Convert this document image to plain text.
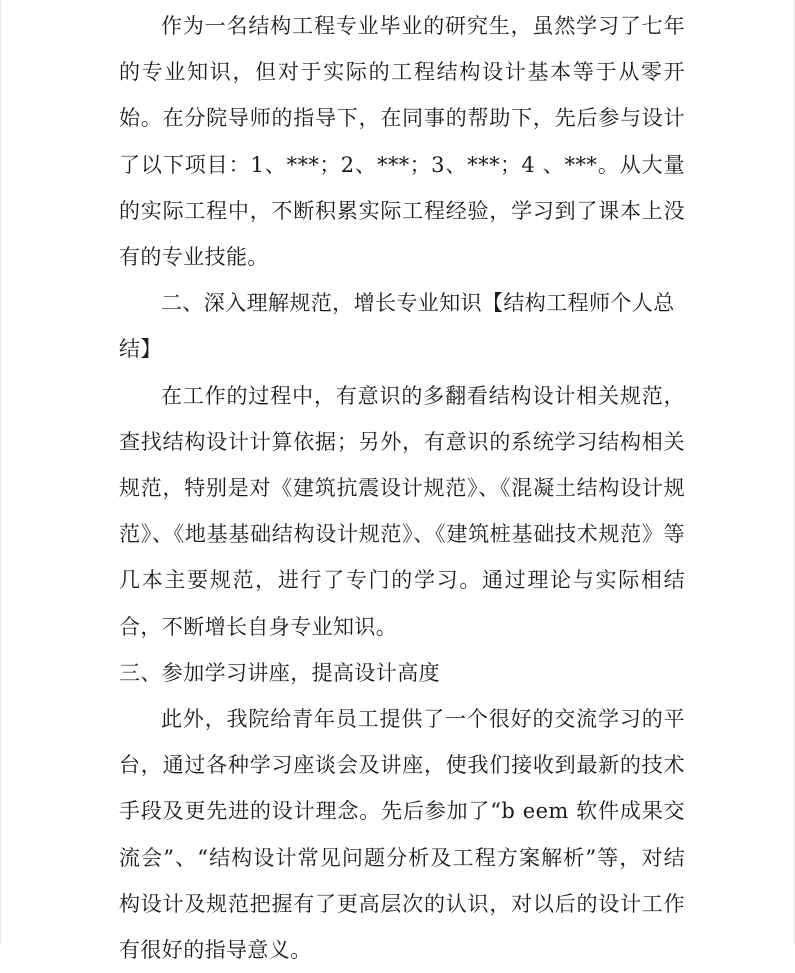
作为一名结构工程专业毕业的研究生，虽然学习了七年的专业知识，但对于实际的工程结构设计基本等于从零开始。在分院导师的指导下，在同事的帮助下，先后参与设计了以下项目：1、***；2、***；3、***；4 、***。从大量的实际工程中，不断积累实际工程经验，学习到了课本上没有的专业技能。

二、深入理解规范，增长专业知识【结构工程师个人总结】

在工作的过程中，有意识的多翻看结构设计相关规范，查找结构设计计算依据；另外，有意识的系统学习结构相关规范，特别是对《建筑抗震设计规范》、《混凝土结构设计规范》、《地基基础结构设计规范》、《建筑桩基础技术规范》等几本主要规范，进行了专门的学习。通过理论与实际相结合，不断增长自身专业知识。

三、参加学习讲座，提高设计高度

此外，我院给青年员工提供了一个很好的交流学习的平台，通过各种学习座谈会及讲座，使我们接收到最新的技术手段及更先进的设计理念。先后参加了“b eem 软件成果交流会”、“结构设计常见问题分析及工程方案解析”等，对结构设计及规范把握有了更高层次的认识，对以后的设计工作有很好的指导意义。
